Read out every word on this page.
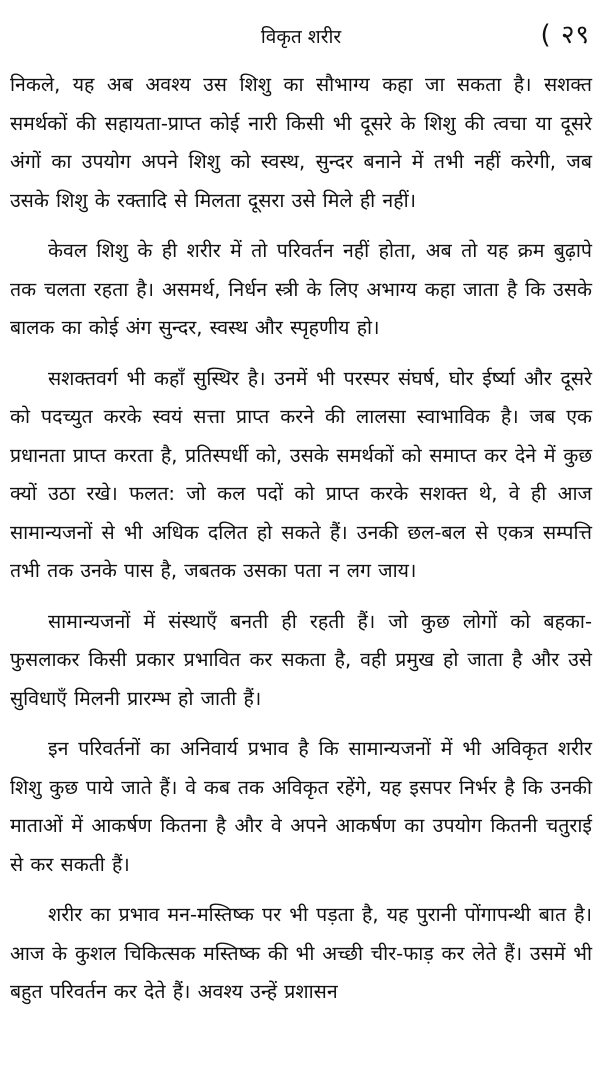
विकृत शरीर	( २९

निकले, यह अब अवश्य उस शिशु का सौभाग्य कहा जा सकता है। सशक्त समर्थकों की सहायता-प्राप्त कोई नारी किसी भी दूसरे के शिशु की त्वचा या दूसरे अंगों का उपयोग अपने शिशु को स्वस्थ, सुन्दर बनाने में तभी नहीं करेगी, जब उसके शिशु के रक्तादि से मिलता दूसरा उसे मिले ही नहीं।

केवल शिशु के ही शरीर में तो परिवर्तन नहीं होता, अब तो यह क्रम बुढ़ापे तक चलता रहता है। असमर्थ, निर्धन स्त्री के लिए अभाग्य कहा जाता है कि उसके बालक का कोई अंग सुन्दर, स्वस्थ और स्पृहणीय हो।

सशक्तवर्ग भी कहाँ सुस्थिर है। उनमें भी परस्पर संघर्ष, घोर ईर्ष्या और दूसरे को पदच्युत करके स्वयं सत्ता प्राप्त करने की लालसा स्वाभाविक है। जब एक प्रधानता प्राप्त करता है, प्रतिस्पर्धी को, उसके समर्थकों को समाप्त कर देने में कुछ क्यों उठा रखे। फलत: जो कल पदों को प्राप्त करके सशक्त थे, वे ही आज सामान्यजनों से भी अधिक दलित हो सकते हैं। उनकी छल-बल से एकत्र सम्पत्ति तभी तक उनके पास है, जबतक उसका पता न लग जाय।

सामान्यजनों में संस्थाएँ बनती ही रहती हैं। जो कुछ लोगों को बहका-फुसलाकर किसी प्रकार प्रभावित कर सकता है, वही प्रमुख हो जाता है और उसे सुविधाएँ मिलनी प्रारम्भ हो जाती हैं।

इन परिवर्तनों का अनिवार्य प्रभाव है कि सामान्यजनों में भी अविकृत शरीर शिशु कुछ पाये जाते हैं। वे कब तक अविकृत रहेंगे, यह इसपर निर्भर है कि उनकी माताओं में आकर्षण कितना है और वे अपने आकर्षण का उपयोग कितनी चतुराई से कर सकती हैं।

शरीर का प्रभाव मन-मस्तिष्क पर भी पड़ता है, यह पुरानी पोंगापन्थी बात है। आज के कुशल चिकित्सक मस्तिष्क की भी अच्छी चीर-फाड़ कर लेते हैं। उसमें भी बहुत परिवर्तन कर देते हैं। अवश्य उन्हें प्रशासन
